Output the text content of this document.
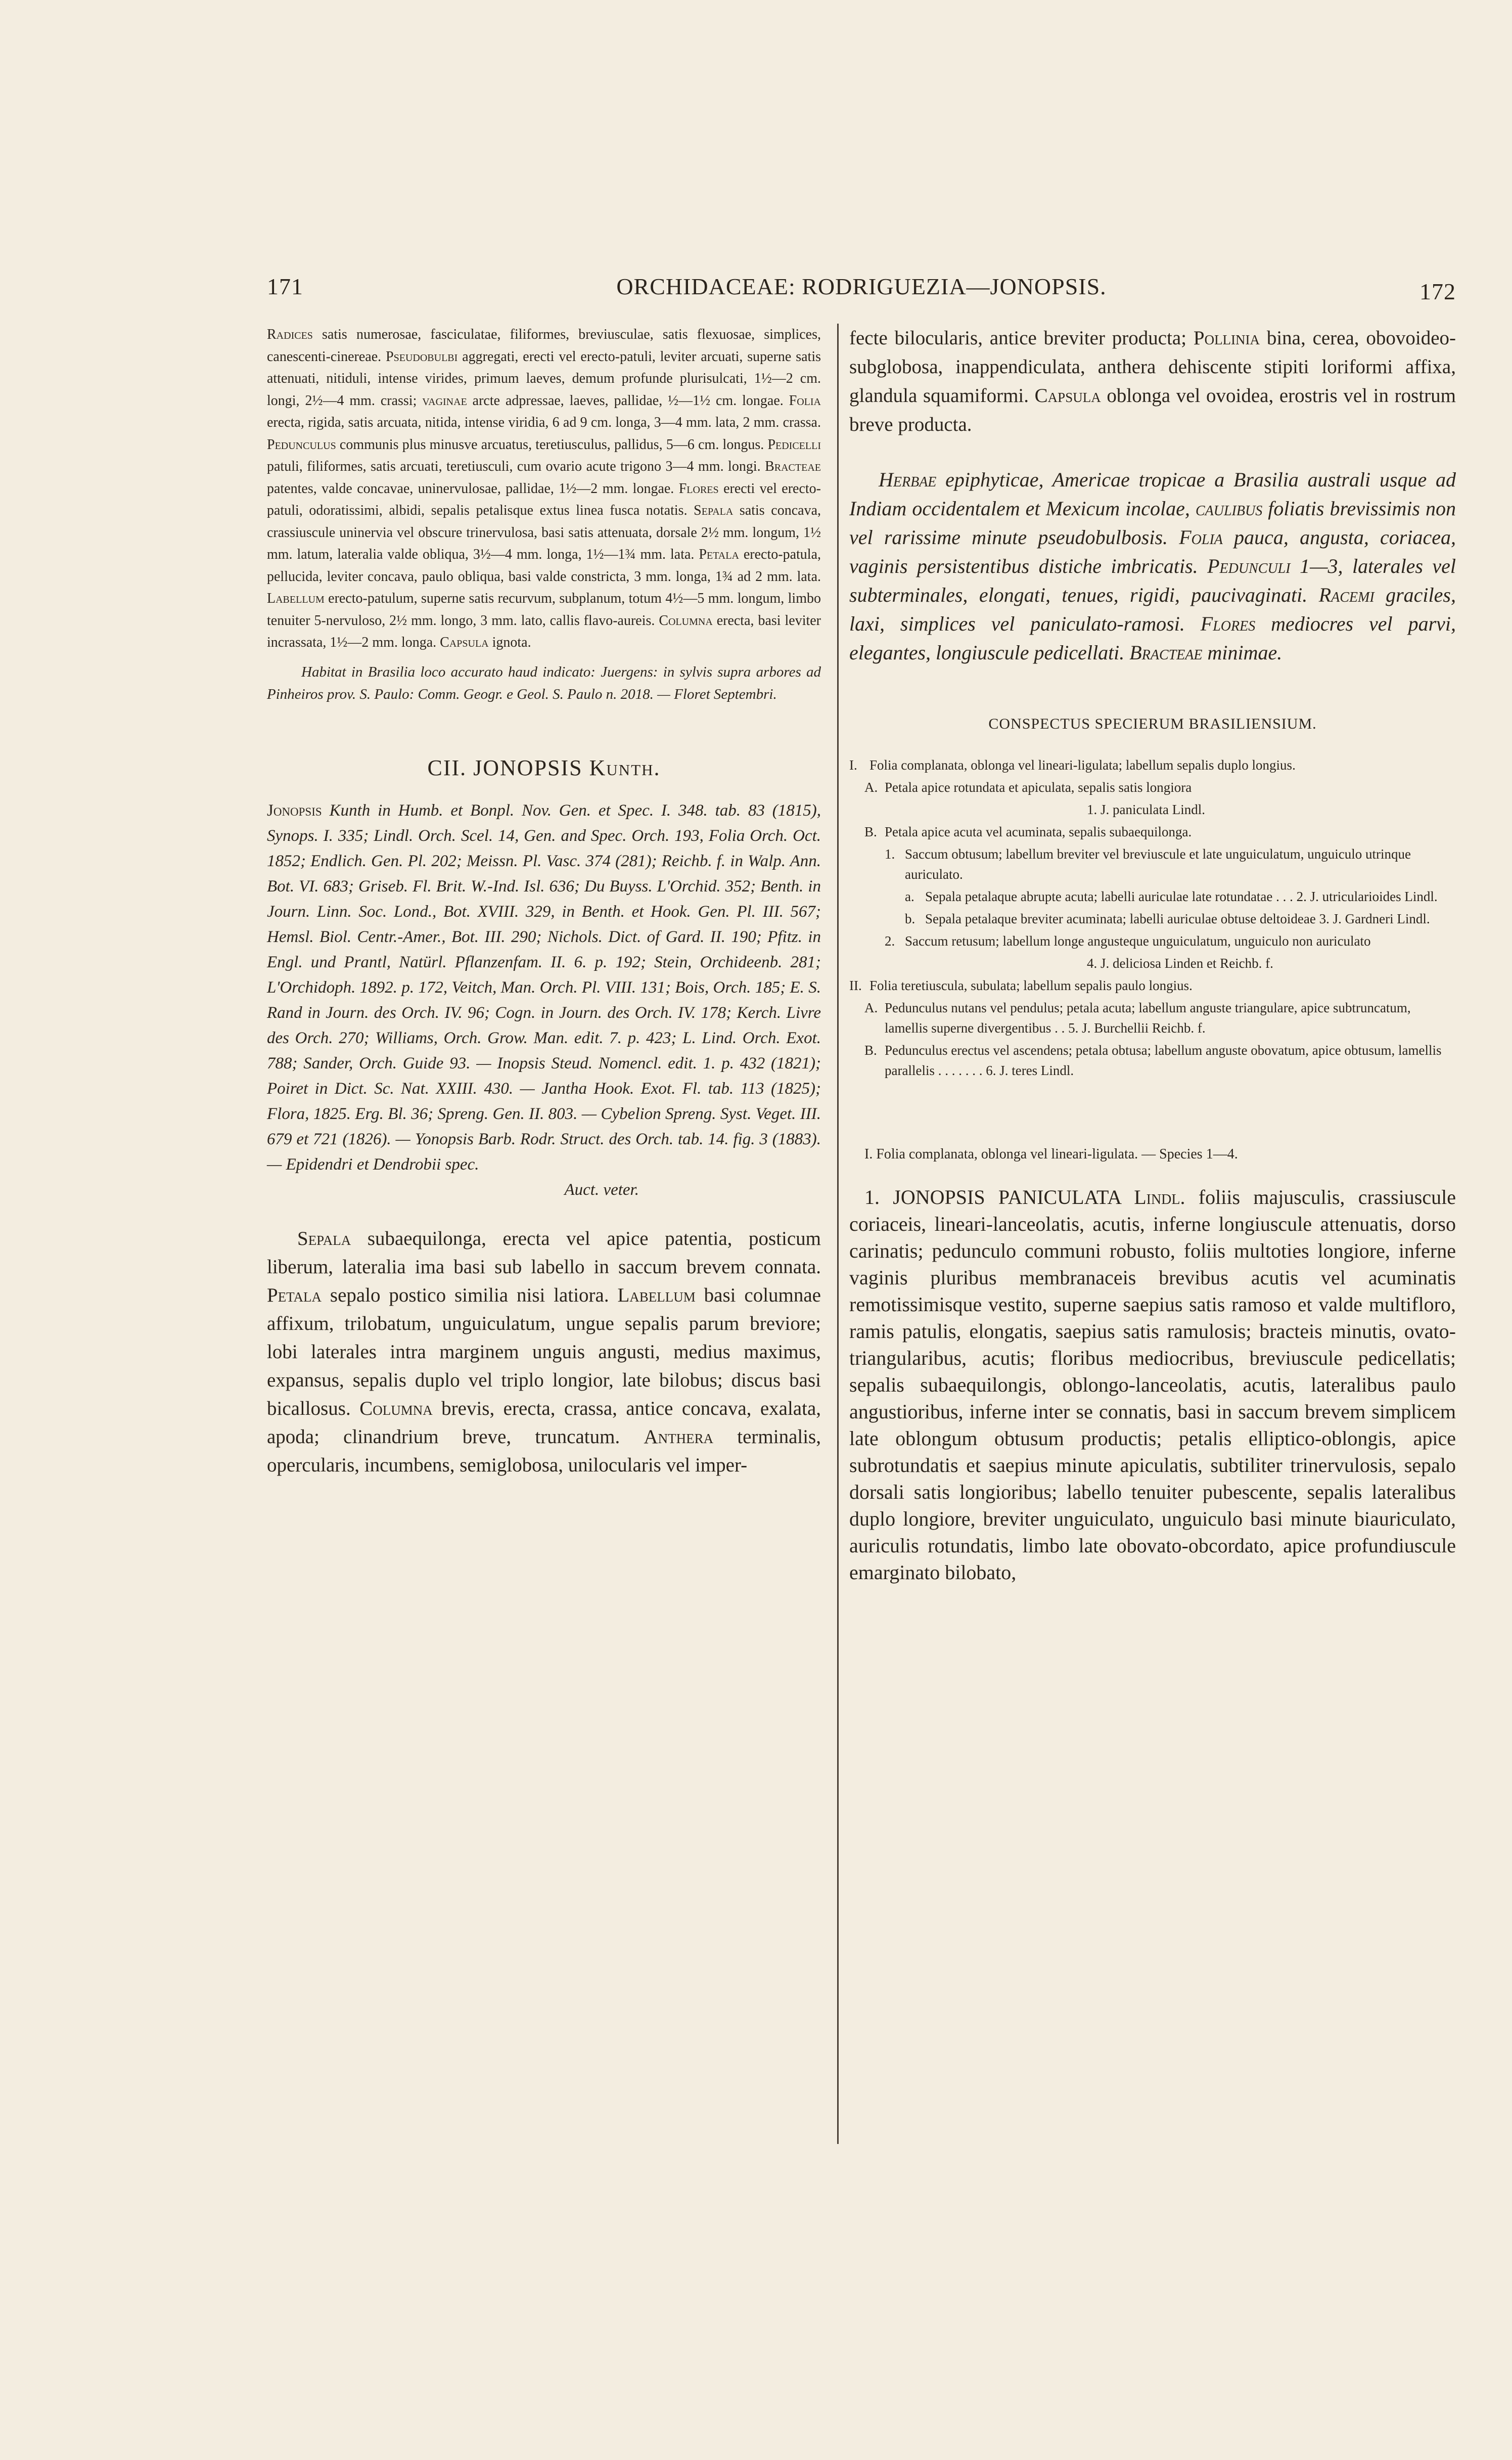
171	ORCHIDACEAE: RODRIGUEZIA—JONOPSIS.	172

Radices satis numerosae, fasciculatae, filiformes, breviusculae, satis flexuosae, simplices, canescenti-cinereae. Pseudobulbi aggregati, erecti vel erecto-patuli, leviter arcuati, superne satis attenuati, nitiduli, intense virides, primum laeves, demum profunde plurisulcati, 1½—2 cm. longi, 2½—4 mm. crassi; vaginae arcte adpressae, laeves, pallidae, ½—1½ cm. longae. Folia erecta, rigida, satis arcuata, nitida, intense viridia, 6 ad 9 cm. longa, 3—4 mm. lata, 2 mm. crassa. Pedunculus communis plus minusve arcuatus, teretiusculus, pallidus, 5—6 cm. longus. Pedicelli patuli, filiformes, satis arcuati, teretiusculi, cum ovario acute trigono 3—4 mm. longi. Bracteae patentes, valde concavae, uninervulosae, pallidae, 1½—2 mm. longae. Flores erecti vel erecto-patuli, odoratissimi, albidi, sepalis petalisque extus linea fusca notatis. Sepala satis concava, crassiuscule uninervia vel obscure trinervulosa, basi satis attenuata, dorsale 2½ mm. longum, 1½ mm. latum, lateralia valde obliqua, 3½—4 mm. longa, 1½—1¾ mm. lata. Petala erecto-patula, pellucida, leviter concava, paulo obliqua, basi valde constricta, 3 mm. longa, 1¾ ad 2 mm. lata. Labellum erecto-patulum, superne satis recurvum, subplanum, totum 4½—5 mm. longum, limbo tenuiter 5-nervuloso, 2½ mm. longo, 3 mm. lato, callis flavo-aureis. Columna erecta, basi leviter incrassata, 1½—2 mm. longa. Capsula ignota.

Habitat in Brasilia loco accurato haud indicato: Juergens: in sylvis supra arbores ad Pinheiros prov. S. Paulo: Comm. Geogr. e Geol. S. Paulo n. 2018. — Floret Septembri.

CII. JONOPSIS Kunth.

Jonopsis Kunth in Humb. et Bonpl. Nov. Gen. et Spec. I. 348. tab. 83 (1815), Synops. I. 335; Lindl. Orch. Scel. 14, Gen. and Spec. Orch. 193, Folia Orch. Oct. 1852; Endlich. Gen. Pl. 202; Meissn. Pl. Vasc. 374 (281); Reichb. f. in Walp. Ann. Bot. VI. 683; Griseb. Fl. Brit. W.-Ind. Isl. 636; Du Buyss. L'Orchid. 352; Benth. in Journ. Linn. Soc. Lond., Bot. XVIII. 329, in Benth. et Hook. Gen. Pl. III. 567; Hemsl. Biol. Centr.-Amer., Bot. III. 290; Nichols. Dict. of Gard. II. 190; Pfitz. in Engl. und Prantl, Natürl. Pflanzenfam. II. 6. p. 192; Stein, Orchideenb. 281; L'Orchidoph. 1892. p. 172, Veitch, Man. Orch. Pl. VIII. 131; Bois, Orch. 185; E. S. Rand in Journ. des Orch. IV. 96; Cogn. in Journ. des Orch. IV. 178; Kerch. Livre des Orch. 270; Williams, Orch. Grow. Man. edit. 7. p. 423; L. Lind. Orch. Exot. 788; Sander, Orch. Guide 93. — Inopsis Steud. Nomencl. edit. 1. p. 432 (1821); Poiret in Dict. Sc. Nat. XXIII. 430. — Jantha Hook. Exot. Fl. tab. 113 (1825); Flora, 1825. Erg. Bl. 36; Spreng. Gen. II. 803. — Cybelion Spreng. Syst. Veget. III. 679 et 721 (1826). — Yonopsis Barb. Rodr. Struct. des Orch. tab. 14. fig. 3 (1883). — Epidendri et Dendrobii spec.

Auct. veter.

Sepala subaequilonga, erecta vel apice patentia, posticum liberum, lateralia ima basi sub labello in saccum brevem connata. Petala sepalo postico similia nisi latiora. Labellum basi columnae affixum, trilobatum, unguiculatum, ungue sepalis parum breviore; lobi laterales intra marginem unguis angusti, medius maximus, expansus, sepalis duplo vel triplo longior, late bilobus; discus basi bicallosus. Columna brevis, erecta, crassa, antice concava, exalata, apoda; clinandrium breve, truncatum. Anthera terminalis, opercularis, incumbens, semiglobosa, unilocularis vel imper-

fecte bilocularis, antice breviter producta; Pollinia bina, cerea, obovoideo-subglobosa, inappendiculata, anthera dehiscente stipiti loriformi affixa, glandula squamiformi. Capsula oblonga vel ovoidea, erostris vel in rostrum breve producta.

Herbae epiphyticae, Americae tropicae a Brasilia australi usque ad Indiam occidentalem et Mexicum incolae, caulibus foliatis brevissimis non vel rarissime minute pseudobulbosis. Folia pauca, angusta, coriacea, vaginis persistentibus distiche imbricatis. Pedunculi 1—3, laterales vel subterminales, elongati, tenues, rigidi, paucivaginati. Racemi graciles, laxi, simplices vel paniculato-ramosi. Flores mediocres vel parvi, elegantes, longiuscule pedicellati. Bracteae minimae.

CONSPECTUS SPECIERUM BRASILIENSIUM.
I. Folia complanata, oblonga vel lineari-ligulata; labellum sepalis duplo longius.
A. Petala apice rotundata et apiculata, sepalis satis longiora
1. J. paniculata Lindl.
B. Petala apice acuta vel acuminata, sepalis subaequilonga.
1. Saccum obtusum; labellum breviter vel breviuscule et late unguiculatum, unguiculo utrinque auriculato.
a. Sepala petalaque abrupte acuta; labelli auriculae late rotundatae . . . 2. J. utricularioides Lindl.
b. Sepala petalaque breviter acuminata; labelli auriculae obtuse deltoideae 3. J. Gardneri Lindl.
2. Saccum retusum; labellum longe angusteque unguiculatum, unguiculo non auriculato
4. J. deliciosa Linden et Reichb. f.
II. Folia teretiuscula, subulata; labellum sepalis paulo longius.
A. Pedunculus nutans vel pendulus; petala acuta; labellum anguste triangulare, apice subtruncatum, lamellis superne divergentibus . . 5. J. Burchellii Reichb. f.
B. Pedunculus erectus vel ascendens; petala obtusa; labellum anguste obovatum, apice obtusum, lamellis parallelis . . . . . . . 6. J. teres Lindl.

I. Folia complanata, oblonga vel lineari-ligulata. — Species 1—4.

1. JONOPSIS PANICULATA Lindl. foliis majusculis, crassiuscule coriaceis, lineari-lanceolatis, acutis, inferne longiuscule attenuatis, dorso carinatis; pedunculo communi robusto, foliis multoties longiore, inferne vaginis pluribus membranaceis brevibus acutis vel acuminatis remotissimisque vestito, superne saepius satis ramoso et valde multifloro, ramis patulis, elongatis, saepius satis ramulosis; bracteis minutis, ovato-triangularibus, acutis; floribus mediocribus, breviuscule pedicellatis; sepalis subaequilongis, oblongo-lanceolatis, acutis, lateralibus paulo angustioribus, inferne inter se connatis, basi in saccum brevem simplicem late oblongum obtusum productis; petalis elliptico-oblongis, apice subrotundatis et saepius minute apiculatis, subtiliter trinervulosis, sepalo dorsali satis longioribus; labello tenuiter pubescente, sepalis lateralibus duplo longiore, breviter unguiculato, unguiculo basi minute biauriculato, auriculis rotundatis, limbo late obovato-obcordato, apice profundiuscule emarginato bilobato,
